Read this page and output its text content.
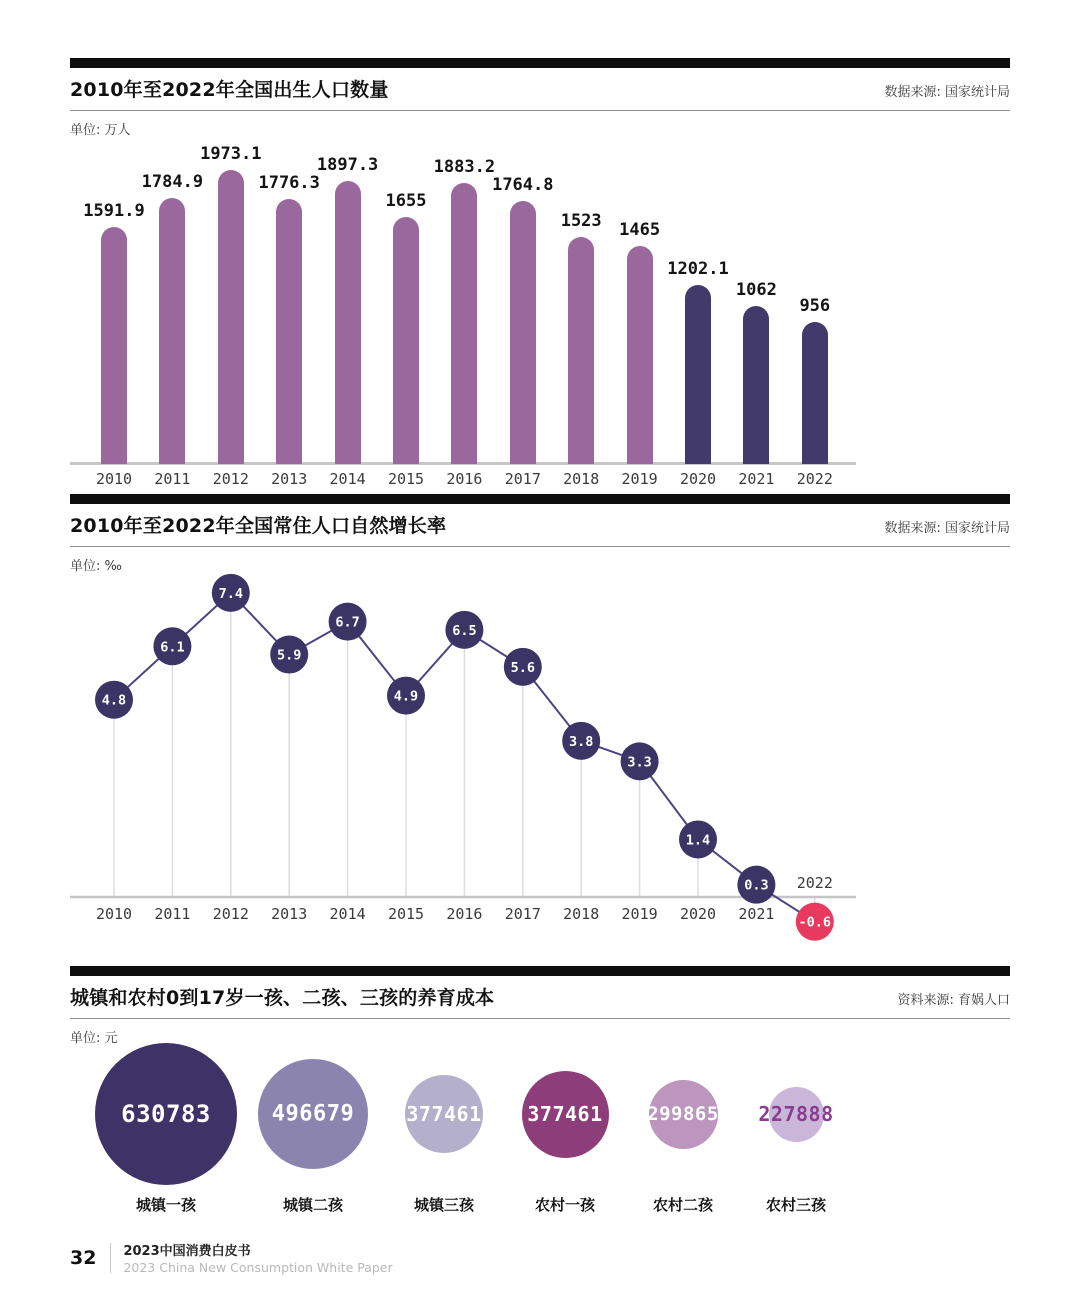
2010年至2022年全国出生人口数量	数据来源: 国家统计局
单位: 万人
1591.9
2010
1784.9
2011
1973.1
2012
1776.3
2013
1897.3
2014
1655
2015
1883.2
2016
1764.8
2017
1523
2018
1465
2019
1202.1
2020
1062
2021
956
2022
2010年至2022年全国常住人口自然增长率	数据来源: 国家统计局
单位: ‰
4.8
6.1
7.4
5.9
6.7
4.9
6.5
5.6
3.8
3.3
1.4
0.3
-0.6
2010 2011 2012 2013 2014 2015 2016 2017 2018 2019 2020 2021
2022
城镇和农村0到17岁一孩、二孩、三孩的养育成本	资料来源: 育娲人口
单位: 元
630783
城镇一孩
496679
城镇二孩
377461
城镇三孩
377461
农村一孩
299865
农村二孩
227888
农村三孩
32	2023中国消费白皮书
2023 China New Consumption White Paper
